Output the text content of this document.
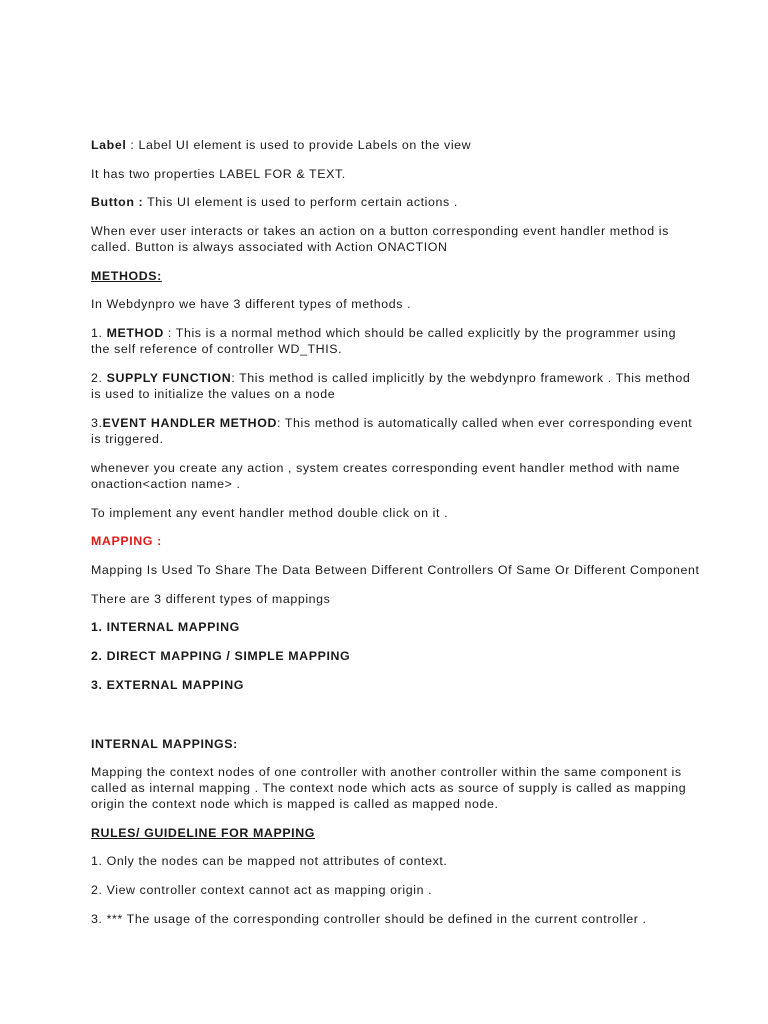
Label : Label UI element is used to provide Labels on the view

It has two properties LABEL FOR & TEXT.

Button : This UI element is used to perform certain actions .

When ever user interacts or takes an action on a button corresponding event handler method is

called. Button is always associated with Action ONACTION

METHODS:

In Webdynpro we have 3 different types of methods .

1. METHOD : This is a normal method which should be called explicitly by the programmer using

the self reference of controller WD_THIS.

2. SUPPLY FUNCTION: This method is called implicitly by the webdynpro framework . This method

is used to initialize the values on a node

3.EVENT HANDLER METHOD: This method is automatically called when ever corresponding event

is triggered.

whenever you create any action , system creates corresponding event handler method with name

onaction<action name> .

To implement any event handler method double click on it .

MAPPING :

Mapping Is Used To Share The Data Between Different Controllers Of Same Or Different Component

There are 3 different types of mappings

1. INTERNAL MAPPING

2. DIRECT MAPPING / SIMPLE MAPPING

3. EXTERNAL MAPPING

INTERNAL MAPPINGS:

Mapping the context nodes of one controller with another controller within the same component is

called as internal mapping . The context node which acts as source of supply is called as mapping

origin the context node which is mapped is called as mapped node.

RULES/ GUIDELINE FOR MAPPING

1. Only the nodes can be mapped not attributes of context.

2. View controller context cannot act as mapping origin .

3. *** The usage of the corresponding controller should be defined in the current controller .
